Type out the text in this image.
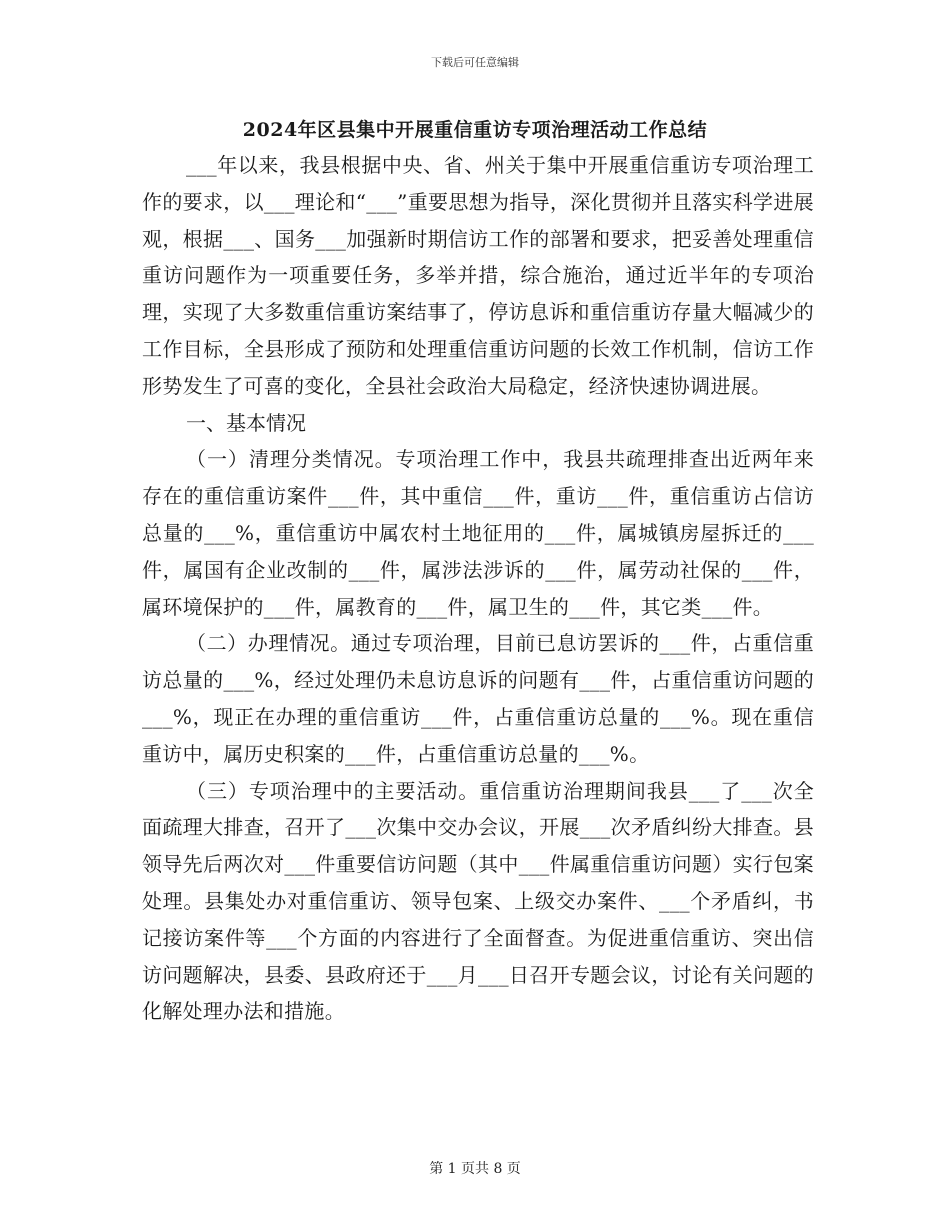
下载后可任意编辑
2024年区县集中开展重信重访专项治理活动工作总结

___年以来，我县根据中央、省、州关于集中开展重信重访专项治理工作的要求，以___理论和“___”重要思想为指导，深化贯彻并且落实科学进展观，根据___、国务___加强新时期信访工作的部署和要求，把妥善处理重信重访问题作为一项重要任务，多举并措，综合施治，通过近半年的专项治理，实现了大多数重信重访案结事了，停访息诉和重信重访存量大幅减少的工作目标，全县形成了预防和处理重信重访问题的长效工作机制，信访工作形势发生了可喜的变化，全县社会政治大局稳定，经济快速协调进展。

一、基本情况

（一）清理分类情况。专项治理工作中，我县共疏理排查出近两年来存在的重信重访案件___件，其中重信___件，重访___件，重信重访占信访总量的___%，重信重访中属农村土地征用的___件，属城镇房屋拆迁的___件，属国有企业改制的___件，属涉法涉诉的___件，属劳动社保的___件，属环境保护的___件，属教育的___件，属卫生的___件，其它类___件。

（二）办理情况。通过专项治理，目前已息访罢诉的___件，占重信重访总量的___%，经过处理仍未息访息诉的问题有___件，占重信重访问题的___%，现正在办理的重信重访___件，占重信重访总量的___%。现在重信重访中，属历史积案的___件，占重信重访总量的___%。

（三）专项治理中的主要活动。重信重访治理期间我县___了___次全面疏理大排查，召开了___次集中交办会议，开展___次矛盾纠纷大排查。县领导先后两次对___件重要信访问题（其中___件属重信重访问题）实行包案处理。县集处办对重信重访、领导包案、上级交办案件、___个矛盾纠，书记接访案件等___个方面的内容进行了全面督查。为促进重信重访、突出信访问题解决，县委、县政府还于___月___日召开专题会议，讨论有关问题的化解处理办法和措施。

第 1 页共 8 页
